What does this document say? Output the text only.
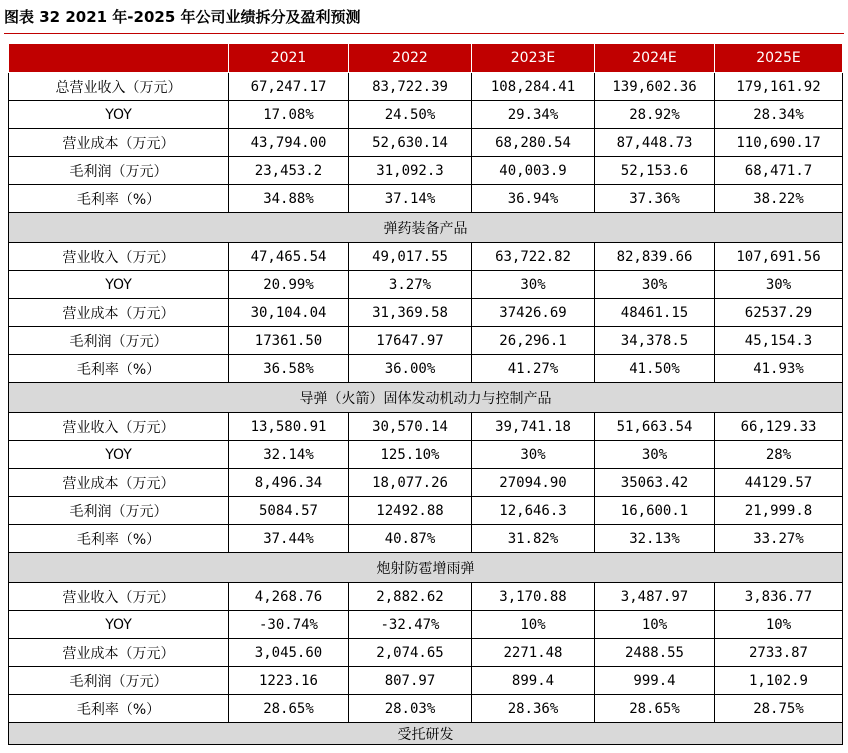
图表 32 2021 年-2025 年公司业绩拆分及盈利预测
	2021	2022	2023E	2024E	2025E
总营业收入（万元）	67,247.17	83,722.39	108,284.41	139,602.36	179,161.92
YOY	17.08%	24.50%	29.34%	28.92%	28.34%
营业成本（万元）	43,794.00	52,630.14	68,280.54	87,448.73	110,690.17
毛利润（万元）	23,453.2	31,092.3	40,003.9	52,153.6	68,471.7
毛利率（%）	34.88%	37.14%	36.94%	37.36%	38.22%
弹药装备产品					
营业收入（万元）	47,465.54	49,017.55	63,722.82	82,839.66	107,691.56
YOY	20.99%	3.27%	30%	30%	30%
营业成本（万元）	30,104.04	31,369.58	37426.69	48461.15	62537.29
毛利润（万元）	17361.50	17647.97	26,296.1	34,378.5	45,154.3
毛利率（%）	36.58%	36.00%	41.27%	41.50%	41.93%
导弹（火箭）固体发动机动力与控制产品					
营业收入（万元）	13,580.91	30,570.14	39,741.18	51,663.54	66,129.33
YOY	32.14%	125.10%	30%	30%	28%
营业成本（万元）	8,496.34	18,077.26	27094.90	35063.42	44129.57
毛利润（万元）	5084.57	12492.88	12,646.3	16,600.1	21,999.8
毛利率（%）	37.44%	40.87%	31.82%	32.13%	33.27%
炮射防雹增雨弹					
营业收入（万元）	4,268.76	2,882.62	3,170.88	3,487.97	3,836.77
YOY	-30.74%	-32.47%	10%	10%	10%
营业成本（万元）	3,045.60	2,074.65	2271.48	2488.55	2733.87
毛利润（万元）	1223.16	807.97	899.4	999.4	1,102.9
毛利率（%）	28.65%	28.03%	28.36%	28.65%	28.75%
受托研发					
